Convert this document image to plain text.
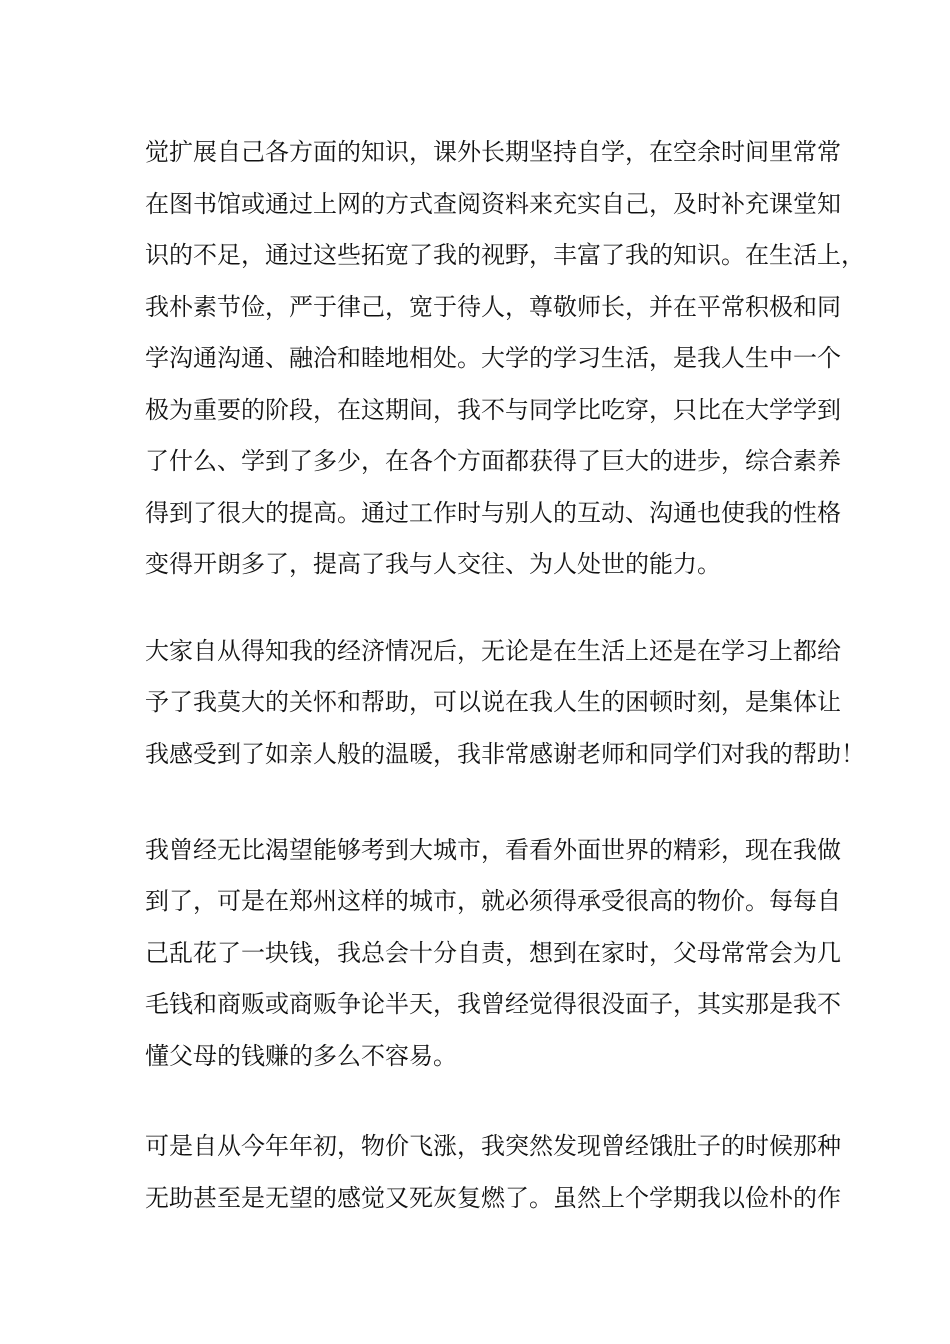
觉扩展自己各方面的知识，课外长期坚持自学，在空余时间里常常
在图书馆或通过上网的方式查阅资料来充实自己，及时补充课堂知
识的不足，通过这些拓宽了我的视野，丰富了我的知识。在生活上，
我朴素节俭，严于律己，宽于待人，尊敬师长，并在平常积极和同
学沟通沟通、融洽和睦地相处。大学的学习生活，是我人生中一个
极为重要的阶段，在这期间，我不与同学比吃穿，只比在大学学到
了什么、学到了多少，在各个方面都获得了巨大的进步，综合素养
得到了很大的提高。通过工作时与别人的互动、沟通也使我的性格
变得开朗多了，提高了我与人交往、为人处世的能力。
大家自从得知我的经济情况后，无论是在生活上还是在学习上都给
予了我莫大的关怀和帮助，可以说在我人生的困顿时刻，是集体让
我感受到了如亲人般的温暖，我非常感谢老师和同学们对我的帮助！
我曾经无比渴望能够考到大城市，看看外面世界的精彩，现在我做
到了，可是在郑州这样的城市，就必须得承受很高的物价。每每自
己乱花了一块钱，我总会十分自责，想到在家时，父母常常会为几
毛钱和商贩或商贩争论半天，我曾经觉得很没面子，其实那是我不
懂父母的钱赚的多么不容易。
可是自从今年年初，物价飞涨，我突然发现曾经饿肚子的时候那种
无助甚至是无望的感觉又死灰复燃了。虽然上个学期我以俭朴的作
